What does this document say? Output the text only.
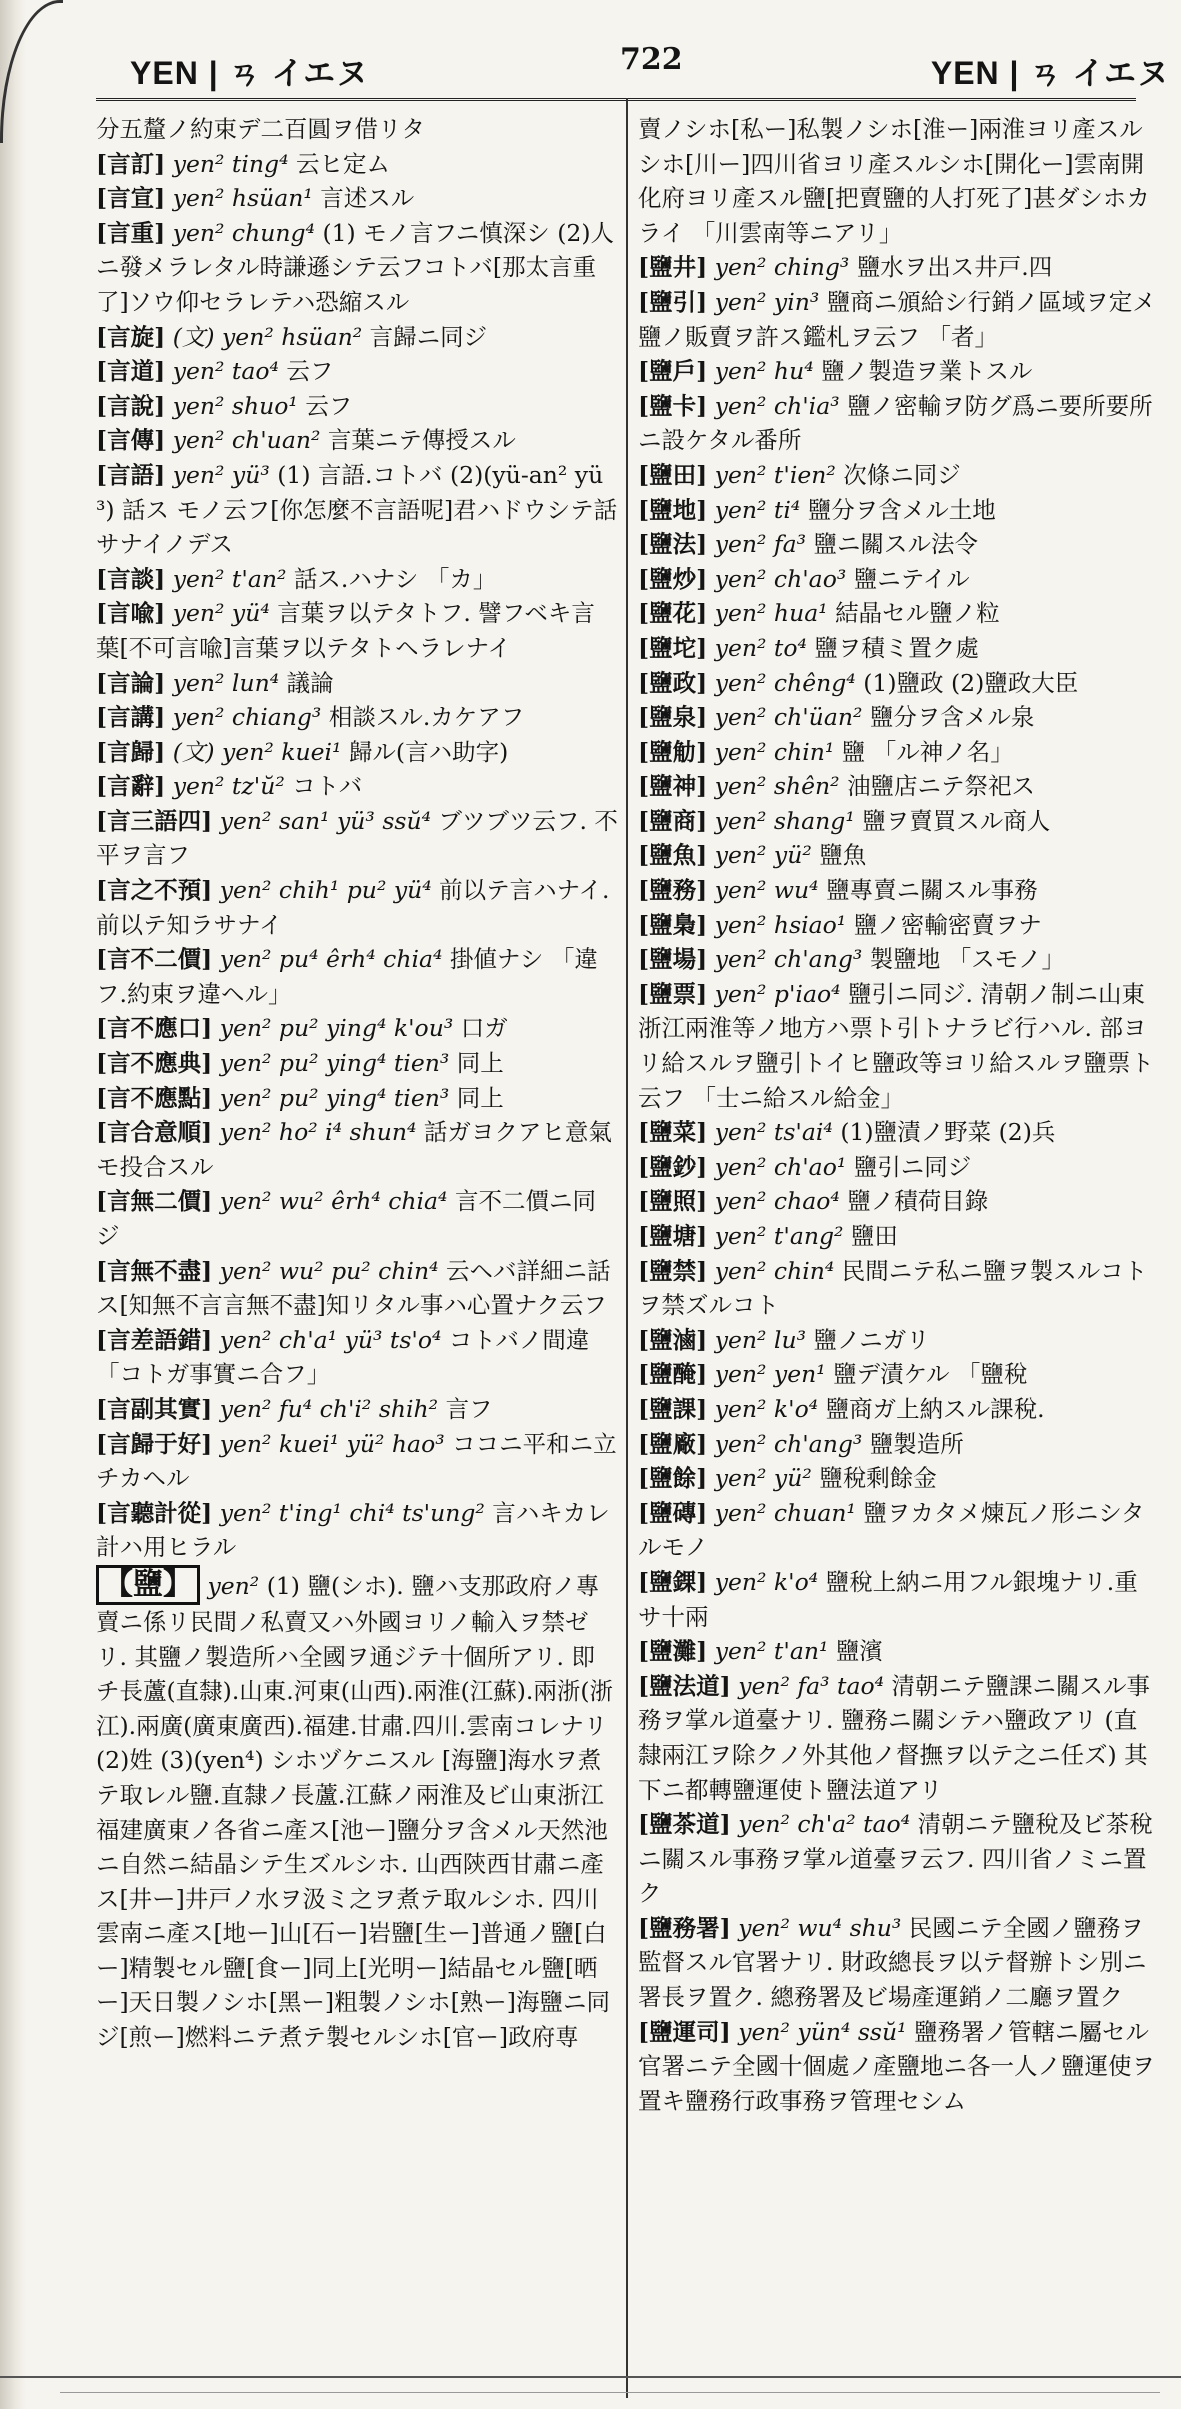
YEN | ㄢ イエヌ	722	YEN | ㄢ イエヌ
分五釐ノ約束デ二百圓ヲ借リタ
[言訂] yen² ting⁴ 云ヒ定ム
[言宣] yen² hsüan¹ 言述スル
[言重] yen² chung⁴ (1) モノ言フニ慎深シ (2)人ニ發メラレタル時謙遜シテ云フコトバ[那太言重了]ソウ仰セラレテハ恐縮スル
[言旋] (文) yen² hsüan² 言歸ニ同ジ
[言道] yen² tao⁴ 云フ
[言說] yen² shuo¹ 云フ
[言傳] yen² ch'uan² 言葉ニテ傳授スル
[言語] yen² yü³ (1) 言語.コトバ (2)(yü-an² yü³) 話ス モノ云フ[你怎麼不言語呢]君ハドウシテ話サナイノデス
[言談] yen² t'an² 話ス.ハナシ 「カ」
[言喩] yen² yü⁴ 言葉ヲ以テタトフ. 譬フベキ言葉[不可言喩]言葉ヲ以テタトヘラレナイ
[言論] yen² lun⁴ 議論
[言講] yen² chiang³ 相談スル.カケアフ
[言歸] (文) yen² kuei¹ 歸ル(言ハ助字)
[言辭] yen² tz'ŭ² コトバ
[言三語四] yen² san¹ yü³ ssŭ⁴ ブツブツ云フ. 不平ヲ言フ
[言之不預] yen² chih¹ pu² yü⁴ 前以テ言ハナイ.前以テ知ラサナイ
[言不二價] yen² pu⁴ êrh⁴ chia⁴ 掛値ナシ 「違フ.約束ヲ違ヘル」
[言不應口] yen² pu² ying⁴ k'ou³ 口ガ
[言不應典] yen² pu² ying⁴ tien³ 同上
[言不應點] yen² pu² ying⁴ tien³ 同上
[言合意順] yen² ho² i⁴ shun⁴ 話ガヨクアヒ意氣モ投合スル
[言無二價] yen² wu² êrh⁴ chia⁴ 言不二價ニ同ジ
[言無不盡] yen² wu² pu² chin⁴ 云ヘバ詳細ニ話ス[知無不言言無不盡]知リタル事ハ心置ナク云フ
[言差語錯] yen² ch'a¹ yü³ ts'o⁴ コトバノ間違 「コトガ事實ニ合フ」
[言副其實] yen² fu⁴ ch'i² shih² 言フ
[言歸于好] yen² kuei¹ yü² hao³ ココニ平和ニ立チカヘル
[言聽計從] yen² t'ing¹ chi⁴ ts'ung² 言ハキカレ計ハ用ヒラル
【鹽】 yen² (1) 鹽(シホ). 鹽ハ支那政府ノ專賣ニ係リ民間ノ私賣又ハ外國ヨリノ輸入ヲ禁ゼリ. 其鹽ノ製造所ハ全國ヲ通ジテ十個所アリ. 即チ長蘆(直隸).山東.河東(山西).兩淮(江蘇).兩浙(浙江).兩廣(廣東廣西).福建.甘肅.四川.雲南コレナリ (2)姓 (3)(yen⁴) シホヅケニスル [海鹽]海水ヲ煮テ取レル鹽.直隸ノ長蘆.江蘇ノ兩淮及ビ山東浙江福建廣東ノ各省ニ產ス[池ー]鹽分ヲ含メル天然池ニ自然ニ結晶シテ生ズルシホ. 山西陝西甘肅ニ產ス[井ー]井戸ノ水ヲ汲ミ之ヲ煮テ取ルシホ. 四川雲南ニ產ス[地ー]山[石ー]岩鹽[生ー]普通ノ鹽[白ー]精製セル鹽[食ー]同上[光明ー]結晶セル鹽[晒ー]天日製ノシホ[黑ー]粗製ノシホ[熟ー]海鹽ニ同ジ[煎ー]燃料ニテ煮テ製セルシホ[官ー]政府専
賣ノシホ[私ー]私製ノシホ[淮ー]兩淮ヨリ產スルシホ[川ー]四川省ヨリ產スルシホ[開化ー]雲南開化府ヨリ產スル鹽[把賣鹽的人打死了]甚ダシホカライ 「川雲南等ニアリ」
[鹽井] yen² ching³ 鹽水ヲ出ス井戸.四
[鹽引] yen² yin³ 鹽商ニ頒給シ行銷ノ區域ヲ定メ鹽ノ販賣ヲ許ス鑑札ヲ云フ 「者」
[鹽戶] yen² hu⁴ 鹽ノ製造ヲ業トスル
[鹽卡] yen² ch'ia³ 鹽ノ密輸ヲ防グ爲ニ要所要所ニ設ケタル番所
[鹽田] yen² t'ien² 次條ニ同ジ
[鹽地] yen² ti⁴ 鹽分ヲ含メル土地
[鹽法] yen² fa³ 鹽ニ關スル法令
[鹽炒] yen² ch'ao³ 鹽ニテイル
[鹽花] yen² hua¹ 結晶セル鹽ノ粒
[鹽坨] yen² to⁴ 鹽ヲ積ミ置ク處
[鹽政] yen² chêng⁴ (1)鹽政 (2)鹽政大臣
[鹽泉] yen² ch'üan² 鹽分ヲ含メル泉
[鹽觔] yen² chin¹ 鹽 「ル神ノ名」
[鹽神] yen² shên² 油鹽店ニテ祭祀ス
[鹽商] yen² shang¹ 鹽ヲ賣買スル商人
[鹽魚] yen² yü² 鹽魚
[鹽務] yen² wu⁴ 鹽專賣ニ關スル事務
[鹽梟] yen² hsiao¹ 鹽ノ密輸密賣ヲナ
[鹽場] yen² ch'ang³ 製鹽地 「スモノ」
[鹽票] yen² p'iao⁴ 鹽引ニ同ジ. 清朝ノ制ニ山東浙江兩淮等ノ地方ハ票ト引トナラビ行ハル. 部ヨリ給スルヲ鹽引トイヒ鹽政等ヨリ給スルヲ鹽票ト云フ 「士ニ給スル給金」
[鹽菜] yen² ts'ai⁴ (1)鹽漬ノ野菜 (2)兵
[鹽鈔] yen² ch'ao¹ 鹽引ニ同ジ
[鹽照] yen² chao⁴ 鹽ノ積荷目錄
[鹽塘] yen² t'ang² 鹽田
[鹽禁] yen² chin⁴ 民間ニテ私ニ鹽ヲ製スルコトヲ禁ズルコト
[鹽滷] yen² lu³ 鹽ノニガリ
[鹽醃] yen² yen¹ 鹽デ漬ケル 「鹽稅
[鹽課] yen² k'o⁴ 鹽商ガ上納スル課稅.
[鹽廠] yen² ch'ang³ 鹽製造所
[鹽餘] yen² yü² 鹽稅剩餘金
[鹽磚] yen² chuan¹ 鹽ヲカタメ煉瓦ノ形ニシタルモノ
[鹽錁] yen² k'o⁴ 鹽稅上納ニ用フル銀塊ナリ.重サ十兩
[鹽灘] yen² t'an¹ 鹽濱
[鹽法道] yen² fa³ tao⁴ 清朝ニテ鹽課ニ關スル事務ヲ掌ル道臺ナリ. 鹽務ニ關シテハ鹽政アリ (直隸兩江ヲ除クノ外其他ノ督撫ヲ以テ之ニ任ズ) 其下ニ都轉鹽運使ト鹽法道アリ
[鹽茶道] yen² ch'a² tao⁴ 清朝ニテ鹽稅及ビ茶稅ニ關スル事務ヲ掌ル道臺ヲ云フ. 四川省ノミニ置ク
[鹽務署] yen² wu⁴ shu³ 民國ニテ全國ノ鹽務ヲ監督スル官署ナリ. 財政總長ヲ以テ督辦トシ別ニ署長ヲ置ク. 總務署及ビ場產運銷ノ二廳ヲ置ク
[鹽運司] yen² yün⁴ ssŭ¹ 鹽務署ノ管轄ニ屬セル官署ニテ全國十個處ノ產鹽地ニ各一人ノ鹽運使ヲ置キ鹽務行政事務ヲ管理セシム
